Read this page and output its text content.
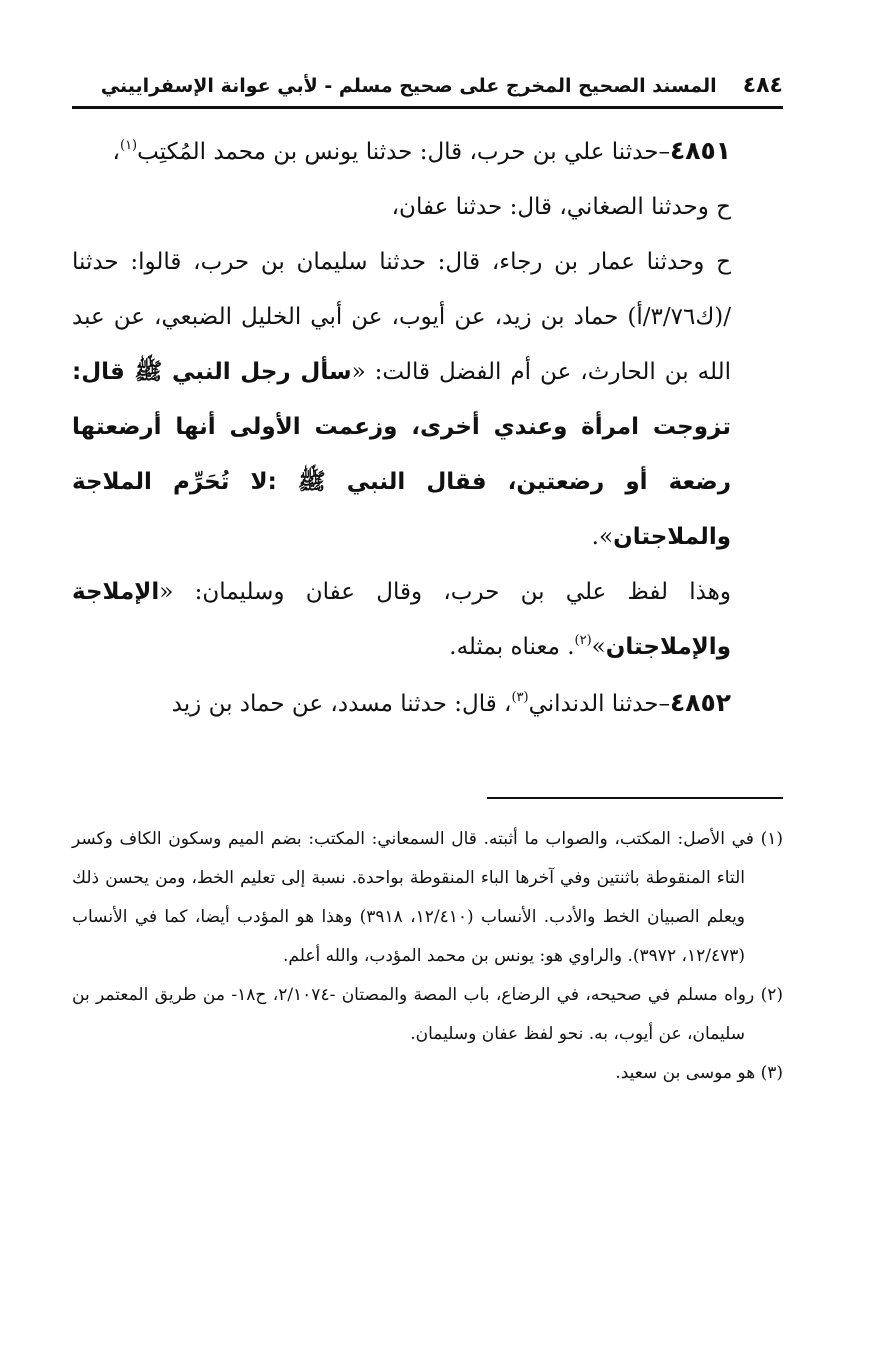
٤٨٤
المسند الصحيح المخرج على صحيح مسلم - لأبي عوانة الإسفراييني

٤٨٥١–حدثنا علي بن حرب، قال: حدثنا يونس بن محمد المُكتِب$^{(١)}$،

ح وحدثنا الصغاني، قال: حدثنا عفان،

ح وحدثنا عمار بن رجاء، قال: حدثنا سليمان بن حرب، قالوا: حدثنا /(ك٣/٧٦/أ) حماد بن زيد، عن أيوب، عن أبي الخليل الضبعي، عن عبد الله بن الحارث، عن أم الفضل قالت: «سأل رجل النبي ﷺ قال: تزوجت امرأة وعندي أخرى، وزعمت الأولى أنها أرضعتها رضعة أو رضعتين، فقال النبي ﷺ :لا تُحَرِّم الملاجة والملاجتان».

وهذا لفظ علي بن حرب، وقال عفان وسليمان: «الإملاجة والإملاجتان»$^{(٢)}$. معناه بمثله.

٤٨٥٢–حدثنا الدنداني$^{(٣)}$، قال: حدثنا مسدد، عن حماد بن زيد

(١) في الأصل: المكتب، والصواب ما أثبته. قال السمعاني: المكتب: بضم الميم وسكون الكاف وكسر التاء المنقوطة باثنتين وفي آخرها الباء المنقوطة بواحدة. نسبة إلى تعليم الخط، ومن يحسن ذلك ويعلم الصبيان الخط والأدب. الأنساب (١٢/٤١٠، ٣٩١٨) وهذا هو المؤدب أيضا، كما في الأنساب (١٢/٤٧٣، ٣٩٧٢). والراوي هو: يونس بن محمد المؤدب، والله أعلم.

(٢) رواه مسلم في صحيحه، في الرضاع، باب المصة والمصتان -٢/١٠٧٤، ح١٨- من طريق المعتمر بن سليمان، عن أيوب، به. نحو لفظ عفان وسليمان.

(٣) هو موسى بن سعيد.
